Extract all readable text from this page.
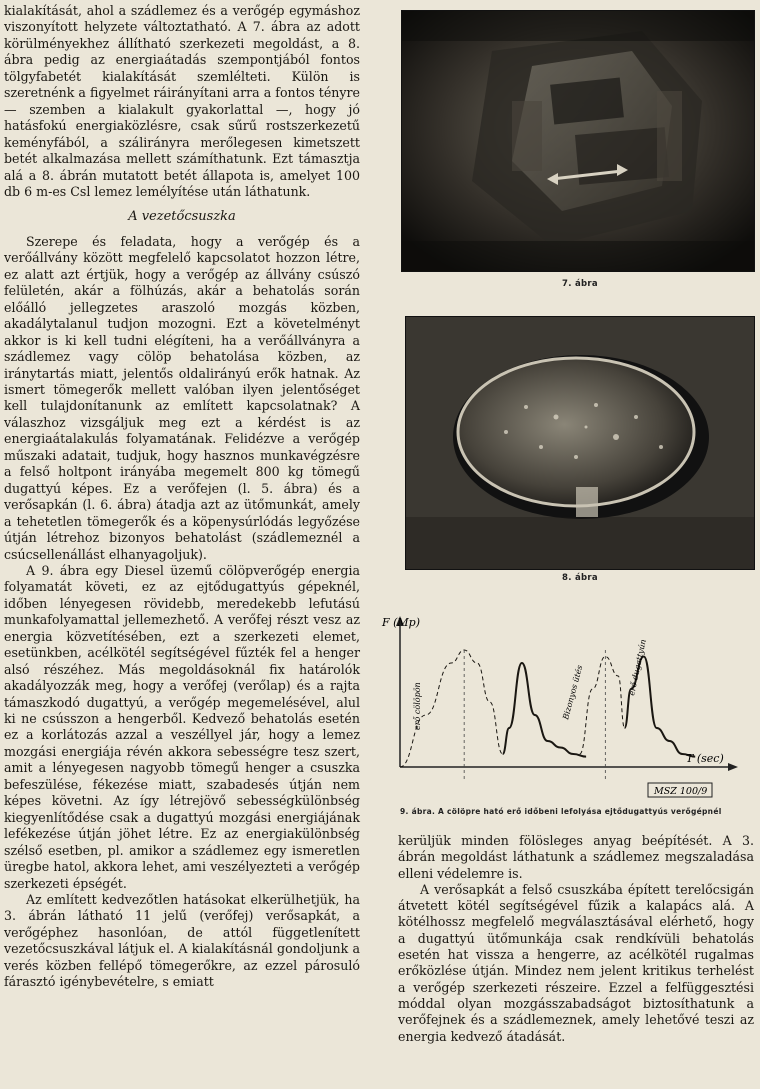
kialakítását, ahol a szádlemez és a verőgép egymáshoz viszonyított helyzete változtatható. A 7. ábra az adott körülményekhez állítható szerkezeti megoldást, a 8. ábra pedig az energiaátadás szempontjából fontos tölgyfabetét kialakítását szemlélteti. Külön is szeretnénk a figyelmet ráirányítani arra a fontos tényre — szemben a kialakult gyakorlattal —, hogy jó hatásfokú energiaközlésre, csak sűrű rostszerkezetű keményfából, a szálirányra merőlegesen kimetszett betét alkalmazása mellett számíthatunk. Ezt támasztja alá a 8. ábrán mutatott betét állapota is, amelyet 100 db 6 m-es Csl lemez lemélyítése után láthatunk.

A vezetőcsuszka

Szerepe és feladata, hogy a verőgép és a verőállvány között megfelelő kapcsolatot hozzon létre, ez alatt azt értjük, hogy a verőgép az állvány csúszó felületén, akár a fölhúzás, akár a behatolás során előálló jellegzetes araszoló mozgás közben, akadálytalanul tudjon mozogni. Ezt a követelményt akkor is ki kell tudni elégíteni, ha a verőállványra a szádlemez vagy cölöp behatolása közben, az iránytartás miatt, jelentős oldalirányú erők hatnak. Az ismert tömegerők mellett valóban ilyen jelentőséget kell tulajdonítanunk az említett kapcsolatnak? A válaszhoz vizsgáljuk meg ezt a kérdést is az energiaátalakulás folyamatának. Felidézve a verőgép műszaki adatait, tudjuk, hogy hasznos munkavégzésre a felső holtpont irányába megemelt 800 kg tömegű dugattyú képes. Ez a verőfejen (l. 5. ábra) és a verősapkán (l. 6. ábra) átadja azt az ütőmunkát, amely a tehetetlen tömegerők és a köpenysúrlódás legyőzése útján létrehoz bizonyos behatolást (szádlemeznél a csúcsellenállást elhanyagoljuk).

A 9. ábra egy Diesel üzemű cölöpverőgép energia folyamatát követi, ez az ejtődugattyús gépeknél, időben lényegesen rövidebb, meredekebb lefutású munkafolyamattal jellemezhető. A verőfej részt vesz az energia közvetítésében, ezt a szerkezeti elemet, esetünkben, acélkötél segítségével fűzték fel a henger alsó részéhez. Más megoldásoknál fix határolók akadályozzák meg, hogy a verőfej (verőlap) és a rajta támaszkodó dugattyú, a verőgép megemelésével, alul ki ne csússzon a hengerből. Kedvező behatolás esetén ez a korlátozás azzal a veszéllyel jár, hogy a lemez mozgási energiája révén akkora sebességre tesz szert, amit a lényegesen nagyobb tömegű henger a csuszka befeszülése, fékezése miatt, szabadesés útján nem képes követni. Az így létrejövő sebességkülönbség kiegyenlítődése csak a dugattyú mozgási energiájának lefékezése útján jöhet létre. Ez az energiakülönbség szélső esetben, pl. amikor a szádlemez egy ismeretlen üregbe hatol, akkora lehet, ami veszélyezteti a verőgép szerkezeti épségét.

Az említett kedvezőtlen hatásokat elkerülhetjük, ha 3. ábrán látható 11 jelű (verőfej) verősapkát, a verőgéphez hasonlóan, de attól függetlenített vezetőcsuszkával látjuk el. A kialakításnál gondoljunk a verés közben fellépő tömegerőkre, az ezzel párosuló fárasztó igénybevételre, s emiatt

7. ábra
8. ábra
F (Mp)
T (sec)
erő cölöpön	Bizonyos ütés	erő dugattyún
MSZ 100/9
9. ábra. A cölöpre ható erő időbeni lefolyása ejtődugattyús verőgépnél

kerüljük minden fölösleges anyag beépítését. A 3. ábrán megoldást láthatunk a szádlemez megszaladása elleni védelemre is.

A verősapkát a felső csuszkába épített terelőcsigán átvetett kötél segítségével fűzik a kalapács alá. A kötélhossz megfelelő megválasztásával elérhető, hogy a dugattyú ütőmunkája csak rendkívüli behatolás esetén hat vissza a hengerre, az acélkötél rugalmas erőközlése útján. Mindez nem jelent kritikus terhelést a verőgép szerkezeti részeire. Ezzel a felfüggesztési móddal olyan mozgásszabadságot biztosíthatunk a verőfejnek és a szádlemeznek, amely lehetővé teszi az energia kedvező átadását.
